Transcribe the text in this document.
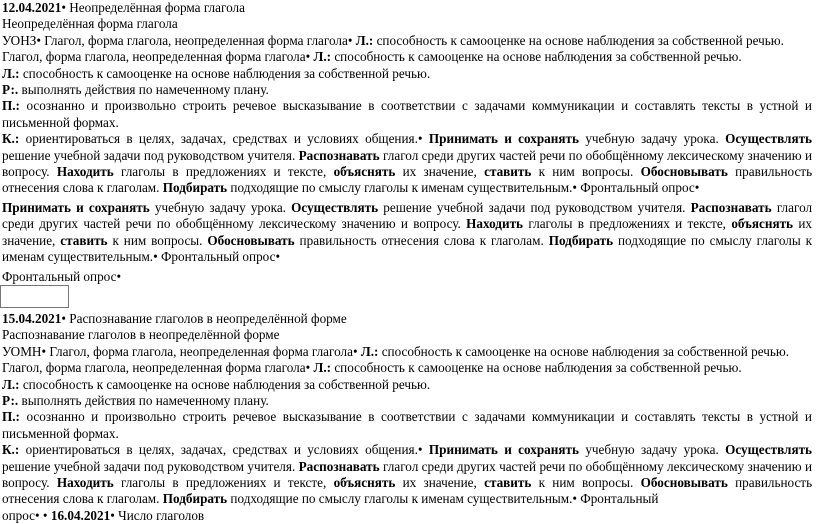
12.04.2021• Неопределённая форма глагола
Неопределённая форма глагола
УОНЗ• Глагол, форма глагола, неопределенная форма глагола• Л.: способность к самооценке на основе наблюдения за собственной речью.
Глагол, форма глагола, неопределенная форма глагола• Л.: способность к самооценке на основе наблюдения за собственной речью.
Л.: способность к самооценке на основе наблюдения за собственной речью.
Р:. выполнять действия по намеченному плану.

П.: осознанно и произвольно строить речевое высказывание в соответствии с задачами коммуникации и составлять тексты в устной и письменной формах.

К.: ориентироваться в целях, задачах, средствах и условиях общения.• Принимать и сохранять учебную задачу урока. Осуществлять решение учебной задачи под руководством учителя. Распознавать глагол среди других частей речи по обобщённому лексическому значению и вопросу. Находить глаголы в предложениях и тексте, объяснять их значение, ставить к ним вопросы. Обосновывать правильность отнесения слова к глаголам. Подбирать подходящие по смыслу глаголы к именам существительным.• Фронтальный опрос•

Принимать и сохранять учебную задачу урока. Осуществлять решение учебной задачи под руководством учителя. Распознавать глагол среди других частей речи по обобщённому лексическому значению и вопросу. Находить глаголы в предложениях и тексте, объяснять их значение, ставить к ним вопросы. Обосновывать правильность отнесения слова к глаголам. Подбирать подходящие по смыслу глаголы к именам существительным.• Фронтальный опрос•

Фронтальный опрос•
15.04.2021• Распознавание глаголов в неопределённой форме
Распознавание глаголов в неопределённой форме
УОМН• Глагол, форма глагола, неопределенная форма глагола• Л.: способность к самооценке на основе наблюдения за собственной речью.
Глагол, форма глагола, неопределенная форма глагола• Л.: способность к самооценке на основе наблюдения за собственной речью.
Л.: способность к самооценке на основе наблюдения за собственной речью.
Р:. выполнять действия по намеченному плану.

П.: осознанно и произвольно строить речевое высказывание в соответствии с задачами коммуникации и составлять тексты в устной и письменной формах.

К.: ориентироваться в целях, задачах, средствах и условиях общения.• Принимать и сохранять учебную задачу урока. Осуществлять решение учебной задачи под руководством учителя. Распознавать глагол среди других частей речи по обобщённому лексическому значению и вопросу. Находить глаголы в предложениях и тексте, объяснять их значение, ставить к ним вопросы. Обосновывать правильность отнесения слова к глаголам. Подбирать подходящие по смыслу глаголы к именам существительным.• Фронтальный

опрос• • 16.04.2021• Число глаголов
